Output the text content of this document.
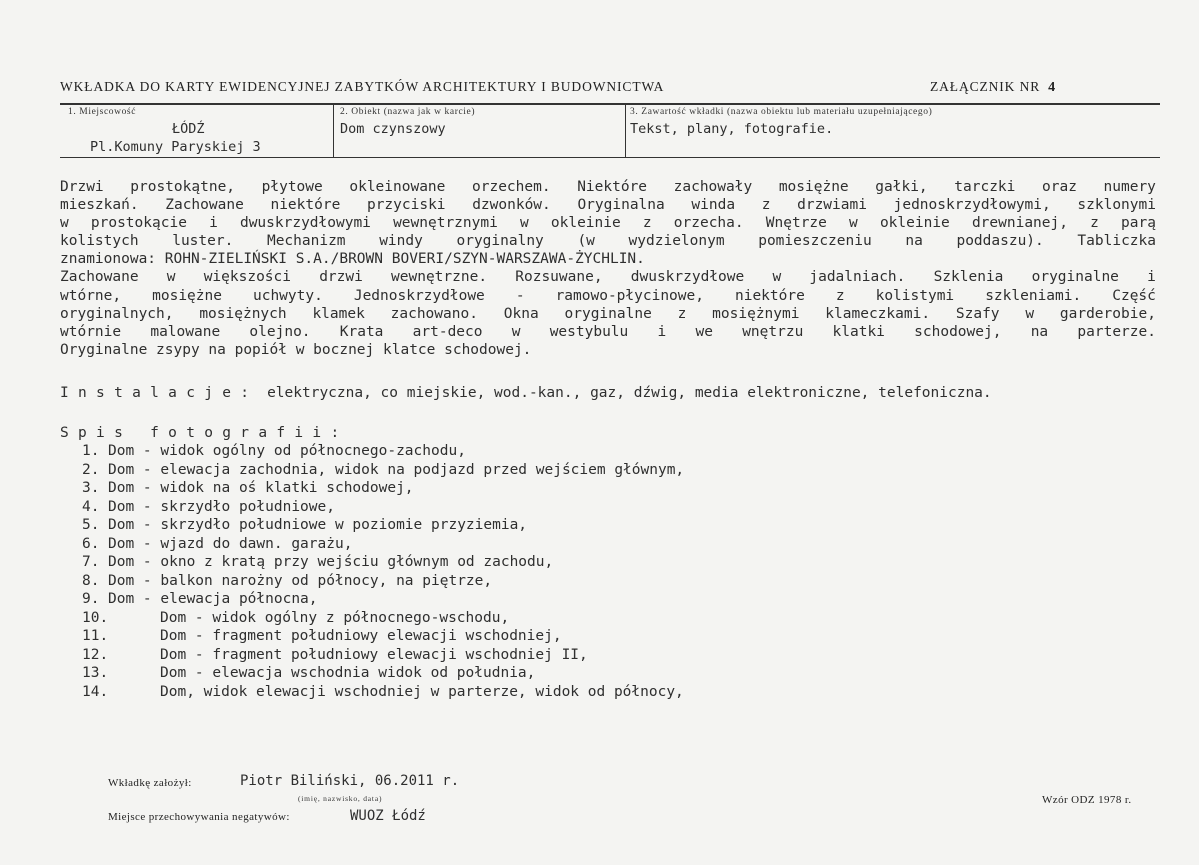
WKŁADKA DO KARTY EWIDENCYJNEJ ZABYTKÓW ARCHITEKTURY I BUDOWNICTWA	ZAŁĄCZNIK NR 4
1. Miejscowość
ŁÓDŹ
Pl.Komuny Paryskiej 3
2. Obiekt (nazwa jak w karcie)
Dom czynszowy
3. Zawartość wkładki (nazwa obiektu lub materiału uzupełniającego)
Tekst, plany, fotografie.
Drzwi prostokątne, płytowe okleinowane orzechem. Niektóre zachowały mosiężne gałki, tarczki oraz numery
mieszkań. Zachowane niektóre przyciski dzwonków. Oryginalna winda z drzwiami jednoskrzydłowymi, szklonymi
w prostokącie i dwuskrzydłowymi wewnętrznymi w okleinie z orzecha. Wnętrze w okleinie drewnianej, z parą
kolistych luster. Mechanizm windy oryginalny (w wydzielonym pomieszczeniu na poddaszu). Tabliczka
znamionowa: ROHN-ZIELIŃSKI S.A./BROWN BOVERI/SZYN-WARSZAWA-ŻYCHLIN.
Zachowane w większości drzwi wewnętrzne. Rozsuwane, dwuskrzydłowe w jadalniach. Szklenia oryginalne i
wtórne, mosiężne uchwyty. Jednoskrzydłowe - ramowo-płycinowe, niektóre z kolistymi szkleniami. Część
oryginalnych, mosiężnych klamek zachowano. Okna oryginalne z mosiężnymi klameczkami. Szafy w garderobie,
wtórnie malowane olejno. Krata art-deco w westybulu i we wnętrzu klatki schodowej, na parterze.
Oryginalne zsypy na popiół w bocznej klatce schodowej.
Instalacje: elektryczna, co miejskie, wod.-kan., gaz, dźwig, media elektroniczne, telefoniczna.
Spis fotografii:
1. Dom - widok ogólny od północnego-zachodu,
2. Dom - elewacja zachodnia, widok na podjazd przed wejściem głównym,
3. Dom - widok na oś klatki schodowej,
4. Dom - skrzydło południowe,
5. Dom - skrzydło południowe w poziomie przyziemia,
6. Dom - wjazd do dawn. garażu,
7. Dom - okno z kratą przy wejściu głównym od zachodu,
8. Dom - balkon narożny od północy, na piętrze,
9. Dom - elewacja północna,
10.	Dom - widok ogólny z północnego-wschodu,
11.	Dom - fragment południowy elewacji wschodniej,
12.	Dom - fragment południowy elewacji wschodniej II,
13.	Dom - elewacja wschodnia widok od południa,
14.	Dom, widok elewacji wschodniej w parterze, widok od północy,
Wkładkę założył:	Piotr Biliński, 06.2011 r.
(imię, nazwisko, data)
Miejsce przechowywania negatywów:	WUOZ Łódź
Wzór ODZ 1978 r.
